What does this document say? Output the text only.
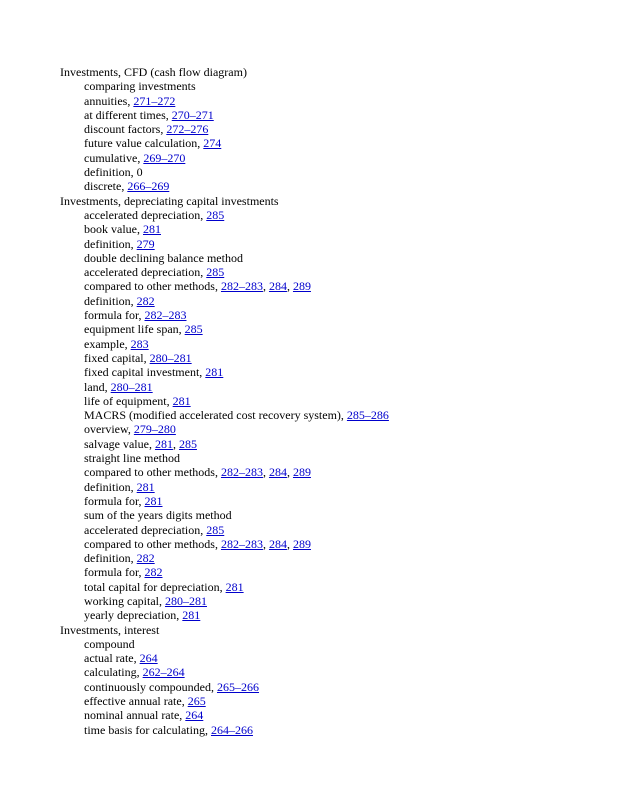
Investments, CFD (cash flow diagram)
comparing investments
annuities, 271–272
at different times, 270–271
discount factors, 272–276
future value calculation, 274
cumulative, 269–270
definition, 0
discrete, 266–269
Investments, depreciating capital investments
accelerated depreciation, 285
book value, 281
definition, 279
double declining balance method
accelerated depreciation, 285
compared to other methods, 282–283, 284, 289
definition, 282
formula for, 282–283
equipment life span, 285
example, 283
fixed capital, 280–281
fixed capital investment, 281
land, 280–281
life of equipment, 281
MACRS (modified accelerated cost recovery system), 285–286
overview, 279–280
salvage value, 281, 285
straight line method
compared to other methods, 282–283, 284, 289
definition, 281
formula for, 281
sum of the years digits method
accelerated depreciation, 285
compared to other methods, 282–283, 284, 289
definition, 282
formula for, 282
total capital for depreciation, 281
working capital, 280–281
yearly depreciation, 281
Investments, interest
compound
actual rate, 264
calculating, 262–264
continuously compounded, 265–266
effective annual rate, 265
nominal annual rate, 264
time basis for calculating, 264–266
